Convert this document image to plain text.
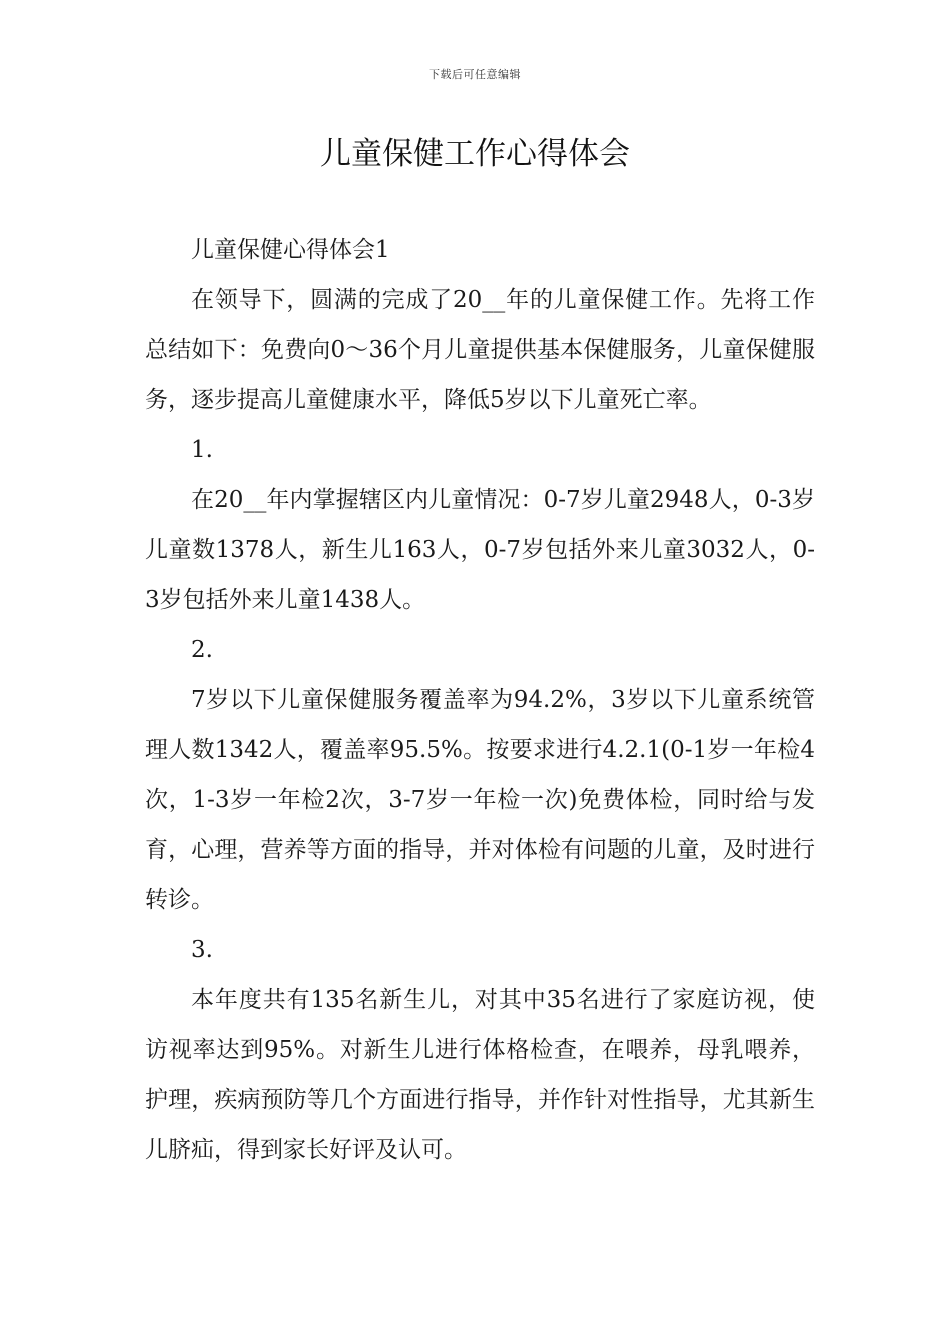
下载后可任意编辑
儿童保健工作心得体会

儿童保健心得体会1

在领导下，圆满的完成了20__年的儿童保健工作。先将工作总结如下：免费向0～36个月儿童提供基本保健服务，儿童保健服务，逐步提高儿童健康水平，降低5岁以下儿童死亡率。

1.

在20__年内掌握辖区内儿童情况：0-7岁儿童2948人，0-3岁儿童数1378人，新生儿163人，0-7岁包括外来儿童3032人，0-3岁包括外来儿童1438人。

2.

7岁以下儿童保健服务覆盖率为94.2%，3岁以下儿童系统管理人数1342人，覆盖率95.5%。按要求进行4.2.1(0-1岁一年检4次，1-3岁一年检2次，3-7岁一年检一次)免费体检，同时给与发育，心理，营养等方面的指导，并对体检有问题的儿童，及时进行转诊。

3.

本年度共有135名新生儿，对其中35名进行了家庭访视，使访视率达到95%。对新生儿进行体格检查，在喂养，母乳喂养，护理，疾病预防等几个方面进行指导，并作针对性指导，尤其新生儿脐疝，得到家长好评及认可。
